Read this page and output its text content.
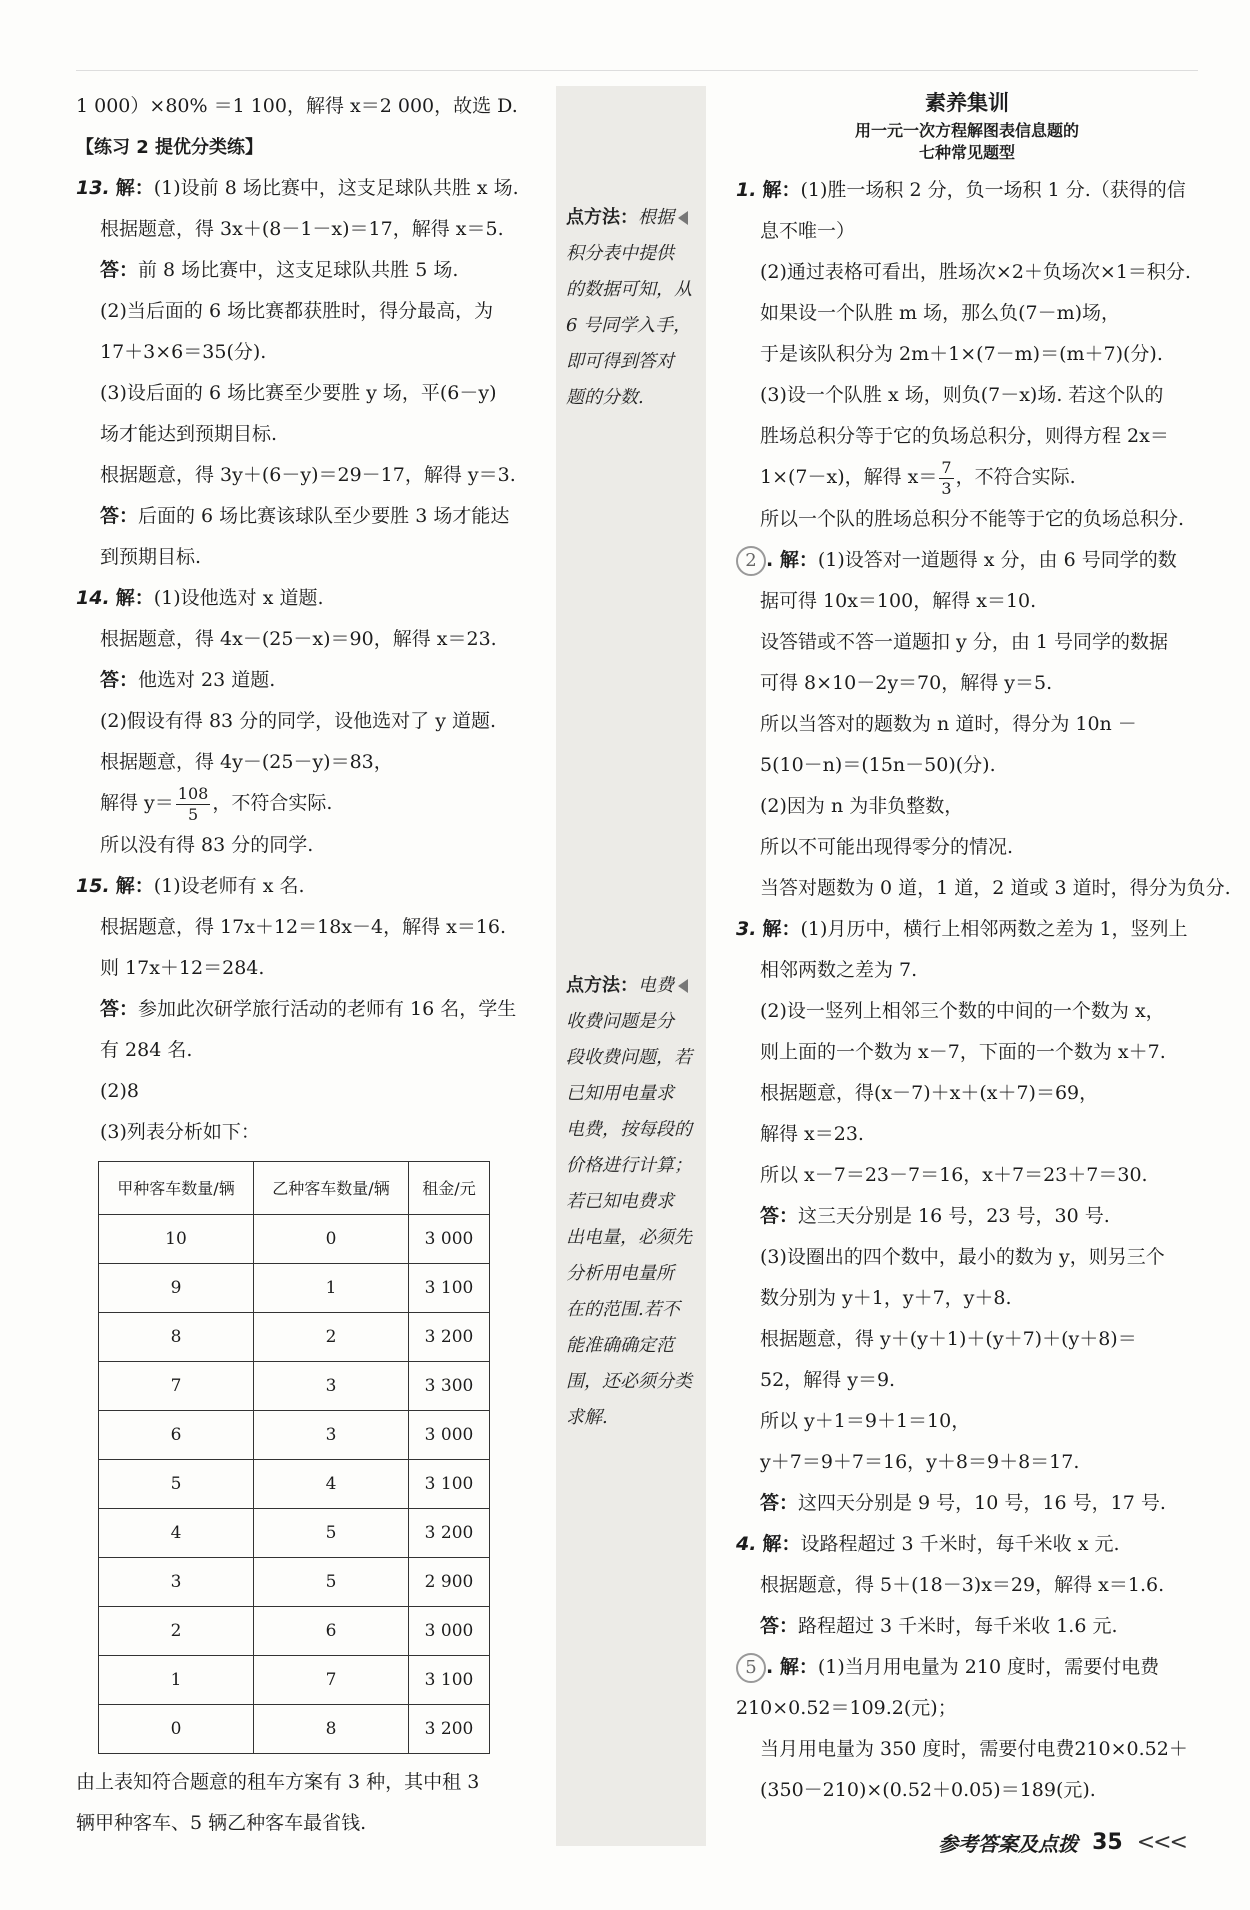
1 000）×80% ＝1 100，解得 x＝2 000，故选 D.
【练习 2 提优分类练】
13. 解：(1)设前 8 场比赛中，这支足球队共胜 x 场.
根据题意，得 3x＋(8－1－x)＝17，解得 x＝5.
答：前 8 场比赛中，这支足球队共胜 5 场.
(2)当后面的 6 场比赛都获胜时，得分最高，为
17＋3×6＝35(分).
(3)设后面的 6 场比赛至少要胜 y 场，平(6－y)
场才能达到预期目标.
根据题意，得 3y＋(6－y)＝29－17，解得 y＝3.
答：后面的 6 场比赛该球队至少要胜 3 场才能达
到预期目标.
14. 解：(1)设他选对 x 道题.
根据题意，得 4x－(25－x)＝90，解得 x＝23.
答：他选对 23 道题.
(2)假设有得 83 分的同学，设他选对了 y 道题.
根据题意，得 4y－(25－y)＝83，
解得 $y= \frac{108}{5}$ ，不符合实际.
所以没有得 83 分的同学.
15. 解：(1)设老师有 x 名.
根据题意，得 17x＋12＝18x－4，解得 x＝16.
则 17x＋12＝284.
答：参加此次研学旅行活动的老师有 16 名，学生
有 284 名.
(2)8
(3)列表分析如下：
甲种客车数量/辆	乙种客车数量/辆	租金/元
10	0	3 000
9	1	3 100
8	2	3 200
7	3	3 300
6	3	3 000
5	4	3 100
4	5	3 200
3	5	2 900
2	6	3 000
1	7	3 100
0	8	3 200
由上表知符合题意的租车方案有 3 种，其中租 3
辆甲种客车、5 辆乙种客车最省钱.
点方法：根据
积分表中提供
的数据可知，从
6 号同学入手，
即可得到答对
题的分数.
点方法：电费
收费问题是分
段收费问题，若
已知用电量求
电费，按每段的
价格进行计算；
若已知电费求
出电量，必须先
分析用电量所
在的范围.若不
能准确确定范
围，还必须分类
求解.
素养集训
用一元一次方程解图表信息题的
七种常见题型
1. 解：(1)胜一场积 2 分，负一场积 1 分.（获得的信
息不唯一）
(2)通过表格可看出，胜场次×2＋负场次×1＝积分.
如果设一个队胜 m 场，那么负(7－m)场，
于是该队积分为 2m＋1×(7－m)＝(m＋7)(分).
(3)设一个队胜 x 场，则负(7－x)场. 若这个队的
胜场总积分等于它的负场总积分，则得方程 2x＝
1×(7－x)，解得 $x= \frac{7}{3}$ ，不符合实际.
所以一个队的胜场总积分不能等于它的负场总积分.
2 . 解：(1)设答对一道题得 x 分，由 6 号同学的数
据可得 10x＝100，解得 x＝10.
设答错或不答一道题扣 y 分，由 1 号同学的数据
可得 8×10－2y＝70，解得 y＝5.
所以当答对的题数为 n 道时，得分为 10n －
5(10－n)＝(15n－50)(分).
(2)因为 n 为非负整数，
所以不可能出现得零分的情况.
当答对题数为 0 道，1 道，2 道或 3 道时，得分为负分.
3. 解：(1)月历中，横行上相邻两数之差为 1，竖列上
相邻两数之差为 7.
(2)设一竖列上相邻三个数的中间的一个数为 x，
则上面的一个数为 x－7，下面的一个数为 x＋7.
根据题意，得(x－7)＋x＋(x＋7)＝69，
解得 x＝23.
所以 x－7＝23－7＝16，x＋7＝23＋7＝30.
答：这三天分别是 16 号，23 号，30 号.
(3)设圈出的四个数中，最小的数为 y，则另三个
数分别为 y＋1，y＋7，y＋8.
根据题意，得 y＋(y＋1)＋(y＋7)＋(y＋8)＝
52，解得 y＝9.
所以 y＋1＝9＋1＝10，
y＋7＝9＋7＝16，y＋8＝9＋8＝17.
答：这四天分别是 9 号，10 号，16 号，17 号.
4. 解：设路程超过 3 千米时，每千米收 x 元.
根据题意，得 5＋(18－3)x＝29，解得 x＝1.6.
答：路程超过 3 千米时，每千米收 1.6 元.
5 . 解：(1)当月用电量为 210 度时，需要付电费
210×0.52＝109.2(元)；
当月用电量为 350 度时，需要付电费210×0.52＋
(350－210)×(0.52＋0.05)＝189(元).
参考答案及点拨 35 <<<
